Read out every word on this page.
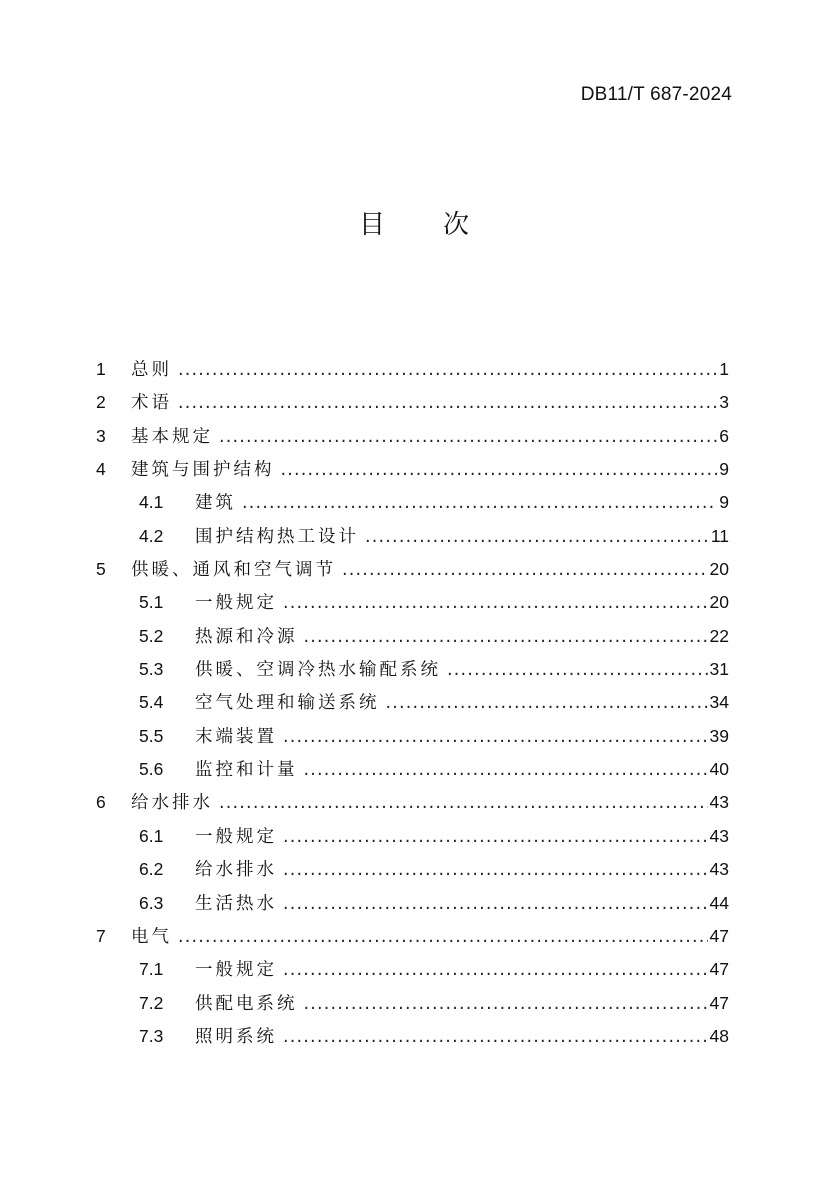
DB11/T 687-2024
目 次
1	总则 .....	1
2	术语 .....	3
3	基本规定 .....	6
4	建筑与围护结构 .....	9
4.1	建筑 .....	9
4.2	围护结构热工设计 .....	11
5	供暖、通风和空气调节 .....	20
5.1	一般规定 .....	20
5.2	热源和冷源 .....	22
5.3	供暖、空调冷热水输配系统 .....	31
5.4	空气处理和输送系统 .....	34
5.5	末端装置 .....	39
5.6	监控和计量 .....	40
6	给水排水 .....	43
6.1	一般规定 .....	43
6.2	给水排水 .....	43
6.3	生活热水 .....	44
7	电气 .....	47
7.1	一般规定 .....	47
7.2	供配电系统 .....	47
7.3	照明系统 .....	48
